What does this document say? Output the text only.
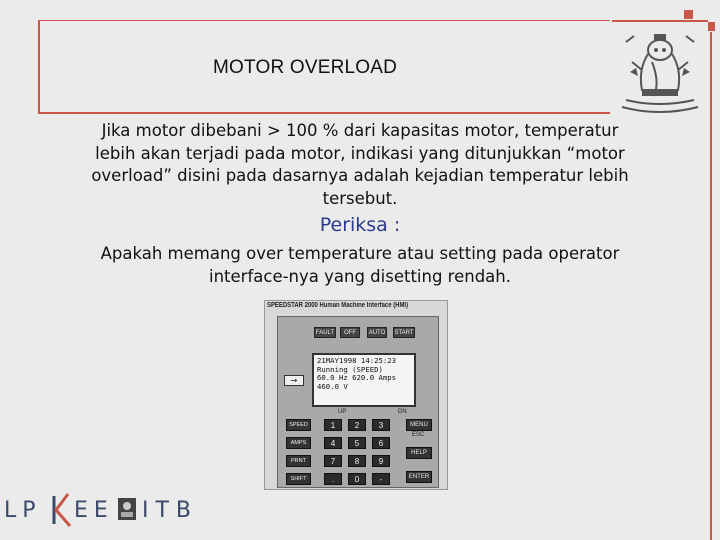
MOTOR OVERLOAD
Jika motor dibebani > 100 % dari kapasitas motor, temperatur lebih akan terjadi pada motor, indikasi yang ditunjukkan “motor overload” disini pada dasarnya adalah kejadian temperatur lebih tersebut.
Periksa :
Apakah memang over temperature atau setting pada operator interface-nya yang disetting rendah.
SPEEDSTAR 2000 Human Machine Interface (HMI)
FAULT	OFF	AUTO START
21MAY1998 14:25:23
Running (SPEED)
60.0 Hz 620.0 Amps
460.0 V
→
UP	DN
SPEED
AMPS
PRNT
SHIFT
1	2	3
4	5	6
7	8	9
.	0	-
MENU
ESC
HELP
ENTER
LP EE ITB
